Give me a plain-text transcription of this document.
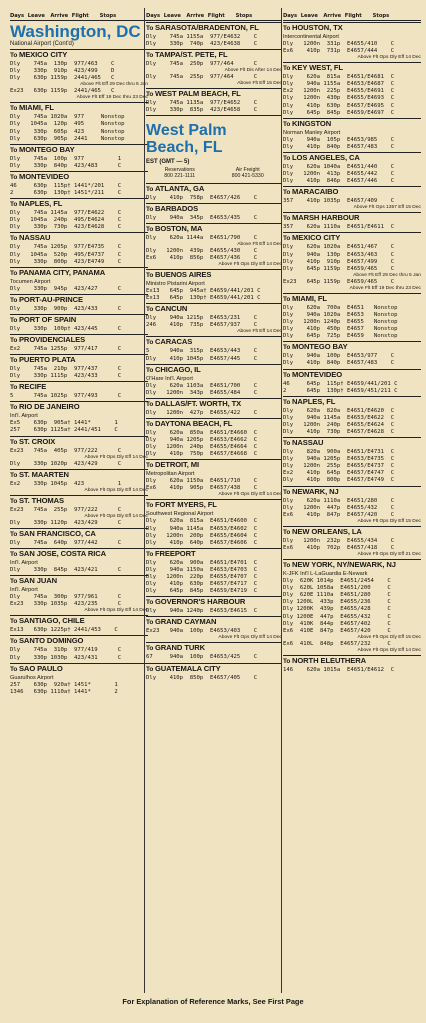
Days  Leave   Arrive  Flight      Stops
Washington, DC
National Airport (Cont'd)
To MEXICO CITY
Dly    745a  130p  977/463    C
Dly    330p  910p  423/499    D
Dly    630p 1159p  2441/465   C
Above Flt Eff 29 Dec thru 5 Jan
Ex23   630p 1159p  2441/465   C
Above Flt Eff 19 Dec thru 23 Dec
To MIAMI, FL
Dly    745a 1020a  977     Nonstop
Dly   1045a  120p  495     Nonstop
Dly    330p  605p  423     Nonstop
Dly    630p  905p  2441    Nonstop
To MONTEGO BAY
Dly    745a  100p  977          1
Dly    330p  840p  423/483      C
To MONTEVIDEO
46     630p  115p† 1441*/201    C
2      630p  130p† 1451*/211    C
To NAPLES, FL
Dly    745a 1145a  977/E4622    C
Dly   1045a  240p  495/E4624    C
Dly    330p  730p  423/E4628    C
To NASSAU
Dly    745a 1205p  977/E4735    C
Dly   1045a  520p  495/E4737    C
Dly    330p  800p  423/E4749    C
To PANAMA CITY, PANAMA
Tocumen Airport
Dly    330p  945p  423/427      C
To PORT-AU-PRINCE
Dly    330p  900p  423/433      C
To PORT OF SPAIN
Dly    330p  100p† 423/445      C
To PROVIDENCIALES
Ex2    745a 1255p  977/417      C
To PUERTO PLATA
Dly    745a  210p  977/437      C
Dly    330p 1115p  423/433      C
To RECIFE
5      745a 1025p  977/493      C
To RIO DE JANEIRO
Int'l. Airport
Ex5    630p  905a† 1441*       1
257    630p 1125a† 2441/451    C
To ST. CROIX
Ex23   745a  405p  977/222      C
Above Flt Ops Dly Eff 14 Dec
Dly    330p 1020p  423/429      C
To ST. MAARTEN
Ex2    330p 1045p  423          1
Above Flt Ops Dly Eff 14 Dec
To ST. THOMAS
Ex23   745a  255p  977/222      C
Above Flt Ops Dly Eff 14 Dec
Dly    330p 1120p  423/429      C
To SAN FRANCISCO, CA
Dly    745a  640p  977/442      C
To SAN JOSE, COSTA RICA
Int'l. Airport
Dly    330p  845p  423/421      C
To SAN JUAN
Int'l. Airport
Dly    745a  300p  977/961      C
Ex23   330p 1035p  423/235      C
Above Flt Ops Dly Eff 14 Dec
To SANTIAGO, CHILE
Ex13   630p 1225p† 2441/453    C
To SANTO DOMINGO
Dly    745a  310p  977/419      C
Dly    330p 1030p  423/431      C
To SAO PAULO
Guarulhos Airport
257    630p  920a† 1451*       1
1346   630p 1110a† 1441*       2
Days  Leave   Arrive  Flight      Stops
To SARASOTA/BRADENTON, FL
Dly    745a 1155a  977/E4632    C
Dly    330p  740p  423/E4638    C
To TAMPA/ST. PETE, FL
Dly    745a  250p  977/464      C
Above Flt Dis After 14 Dec
Dly    745a  255p  977/464      C
Above Flt Eff 15 Dec
To WEST PALM BEACH, FL
Dly    745a 1135a  977/E4652    C
Dly    330p  835p  423/E4658    C
West Palm Beach, FL
EST (GMT — 5)
Reservations
800 221-1111
Air Freight
800 421-5330
To ATLANTA, GA
Dly    410p  758p  E4657/426    C
To BARBADOS
Dly    940a  345p  E4653/435    C
To BOSTON, MA
Dly    620a 1144a  E4651/790    C
Above Flt Eff 14 Dec
Dly   1200n  439p  E4655/430    C
Ex6    410p  856p  E4657/436    C
Above Flt Ops Dly Eff 14 Dec
To BUENOS AIRES
Ministro Pistarini Airport
Ex13   645p  945a† E4659/441/201 C
Ex13   645p  130p† E4659/441/201 C
To CANCUN
Dly    940a 1215p  E4653/231    C
246    410p  735p  E4657/937    C
Above Flt Eff 14 Dec
To CARACAS
5      940a  315p  E4653/443    C
Dly    410p 1045p  E4657/445    C
To CHICAGO, IL
O'Hare Int'l. Airport
Dly    620a 1103a  E4651/700    C
Dly   1200n  343p  E4655/484    C
To DALLAS/FT. WORTH, TX
Dly   1200n  427p  E4655/422    C
To DAYTONA BEACH, FL
Dly    620a  850a  E4651/E4660  C
Dly    940a 1205p  E4653/E4662  C
Dly   1200n  240p  E4655/E4664  C
Dly    410p  750p  E4657/E4668  C
To DETROIT, MI
Metropolitan Airport
Dly    620a 1150a  E4651/710    C
Ex6    410p  905p  E4657/438    C
Above Flt Ops Dly Eff 14 Dec
To FORT MYERS, FL
Southwest Regional Airport
Dly    620a  815a  E4651/E4600  C
Dly    940a 1145a  E4653/E4602  C
Dly   1200n  200p  E4655/E4604  C
Dly    410p  640p  E4657/E4606  C
To FREEPORT
Dly    620a  900a  E4651/E4701  C
Dly    940a 1150a  E4653/E4703  C
Dly   1200n  220p  E4655/E4707  C
Dly    410p  630p  E4657/E4717  C
Dly    645p  845p  E4659/E4719  C
To GOVERNOR'S HARBOUR
Dly    940a 1240p  E4653/E4615  C
To GRAND CAYMAN
Ex23   940a  100p  E4653/403    C
Above Flt Ops Dly Eff 14 Dec
To GRAND TURK
67     940a  100p  E4653/425    C
To GUATEMALA CITY
Dly    410p  850p  E4657/405    C
Days  Leave   Arrive  Flight      Stops
To HOUSTON, TX
Intercontinental Airport
Dly   1200n  331p  E4655/410    C
Ex6    410p  731p  E4657/444    C
Above Flt Ops Dly Eff 14 Dec
To KEY WEST, FL
Dly    620a  815a  E4651/E4681  C
Dly    940a 1155a  E4653/E4687  C
Ex2   1200n  225p  E4655/E4691  C
Dly   1200n  430p  E4655/E4693  C
Dly    410p  630p  E4657/E4695  C
Dly    645p  845p  E4659/E4697  C
To KINGSTON
Norman Manley Airport
Dly    940a  105p  E4653/985    C
Dly    410p  840p  E4657/483    C
To LOS ANGELES, CA
Dly    620a 1040a  E4651/440    C
Dly   1200n  413p  E4655/442    C
Dly    410p  846p  E4657/446    C
To MARACAIBO
357    410p 1035p  E4657/409    C
Above Flt Ops 1357 Eff 15 Dec
To MARSH HARBOUR
357    620a 1110a  E4651/E4611  C
To MEXICO CITY
Dly    620a 1020a  E4651/467    C
Dly    940a  130p  E4653/463    C
Dly    410p  910p  E4657/499    C
Dly    645p 1159p  E4659/465    C
Above Flt Eff 29 Dec thru 5 Jan
Ex23   645p 1159p  E4659/465    C
Above Flt Eff 19 Dec thru 23 Dec
To MIAMI, FL
Dly    620a  700a  E4651   Nonstop
Dly    940a 1020a  E4653   Nonstop
Dly   1200n 1240p  E4655   Nonstop
Dly    410p  450p  E4657   Nonstop
Dly    645p  725p  E4659   Nonstop
To MONTEGO BAY
Dly    940a  100p  E4653/977    C
Dly    410p  840p  E4657/483    C
To MONTEVIDEO
46     645p  115p† E4659/441/201 C
2      645p  130p† E4659/451/211 C
To NAPLES, FL
Dly    620a  820a  E4651/E4620  C
Dly    940a 1145a  E4653/E4622  C
Dly   1200n  240p  E4655/E4624  C
Dly    410p  730p  E4657/E4628  C
To NASSAU
Dly    820a  900a  E4651/E4731  C
Dly    940a 1205p  E4653/E4735  C
Dly   1200n  255p  E4655/E4737  C
Ex2    410p  645p  E4657/E4747  C
Dly    410p  800p  E4657/E4749  C
To NEWARK, NJ
Dly    620a 1110a  E4651/280    C
Dly   1200n  447p  E4655/432    C
Ex6    410p  847p  E4657/420    C
Above Flt Ops Dly Eff 15 Dec
To NEW ORLEANS, LA
Dly   1200n  232p  E4655/434    C
Ex6    410p  702p  E4657/418    C
Above Flt Ops Dly Eff 21 Dec
To NEW YORK, NY/NEWARK, NJ
K-JFK Int'l L-LaGuardia E-Newark
Dly  620K 1014p  E4651/2454    C
Dly  620L 1058a  E4651/200     C
Dly  620E 1110a  E4651/280     C
Dly 1200L  433p  E4655/236     C
Dly 1200K  439p  E4655/428     C
Dly 1200E  447p  E4655/432     C
Dly  410K  844p  E4657/402     C
Ex6  410E  847p  E4657/420     C
Above Flt Ops Dly Eff 15 Dec
Ex6  410L  848p  E4657/232     C
Above Flt Ops Dly Eff 14 Dec
To NORTH ELEUTHERA
146    620a 1015a  E4651/E4612  C
For Explanation of Reference Marks, See First Page
